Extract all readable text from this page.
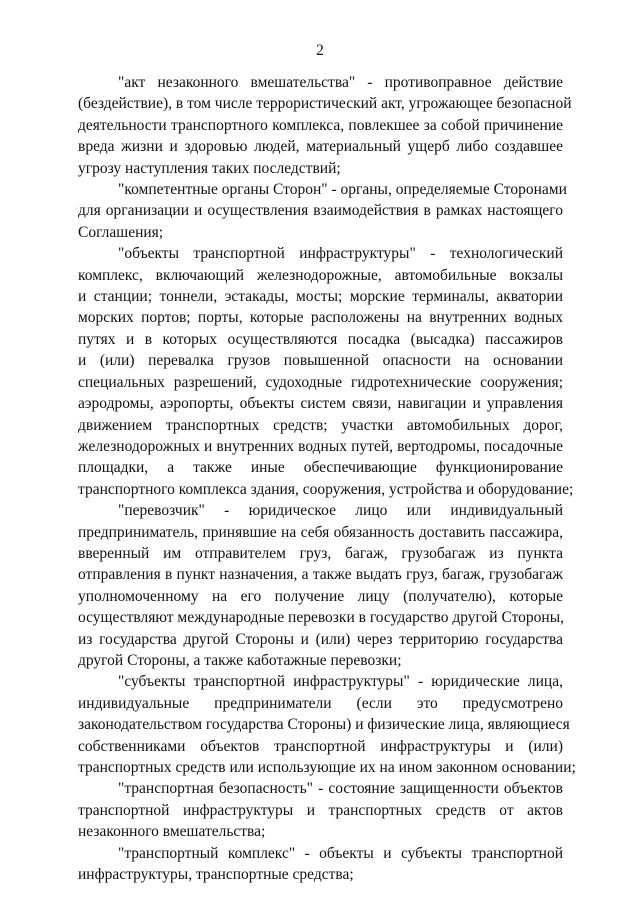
2

"акт незаконного вмешательства" - противоправное действие
(бездействие), в том числе террористический акт, угрожающее безопасной
деятельности транспортного комплекса, повлекшее за собой причинение
вреда жизни и здоровью людей, материальный ущерб либо создавшее
угрозу наступления таких последствий;

"компетентные органы Сторон" - органы, определяемые Сторонами
для организации и осуществления взаимодействия в рамках настоящего
Соглашения;

"объекты транспортной инфраструктуры" - технологический
комплекс, включающий железнодорожные, автомобильные вокзалы
и станции; тоннели, эстакады, мосты; морские терминалы, акватории
морских портов; порты, которые расположены на внутренних водных
путях и в которых осуществляются посадка (высадка) пассажиров
и (или) перевалка грузов повышенной опасности на основании
специальных разрешений, судоходные гидротехнические сооружения;
аэродромы, аэропорты, объекты систем связи, навигации и управления
движением транспортных средств; участки автомобильных дорог,
железнодорожных и внутренних водных путей, вертодромы, посадочные
площадки, а также иные обеспечивающие функционирование
транспортного комплекса здания, сооружения, устройства и оборудование;

"перевозчик" - юридическое лицо или индивидуальный
предприниматель, принявшие на себя обязанность доставить пассажира,
вверенный им отправителем груз, багаж, грузобагаж из пункта
отправления в пункт назначения, а также выдать груз, багаж, грузобагаж
уполномоченному на его получение лицу (получателю), которые
осуществляют международные перевозки в государство другой Стороны,
из государства другой Стороны и (или) через территорию государства
другой Стороны, а также каботажные перевозки;

"субъекты транспортной инфраструктуры" - юридические лица,
индивидуальные предприниматели (если это предусмотрено
законодательством государства Стороны) и физические лица, являющиеся
собственниками объектов транспортной инфраструктуры и (или)
транспортных средств или использующие их на ином законном основании;

"транспортная безопасность" - состояние защищенности объектов
транспортной инфраструктуры и транспортных средств от актов
незаконного вмешательства;

"транспортный комплекс" - объекты и субъекты транспортной
инфраструктуры, транспортные средства;
